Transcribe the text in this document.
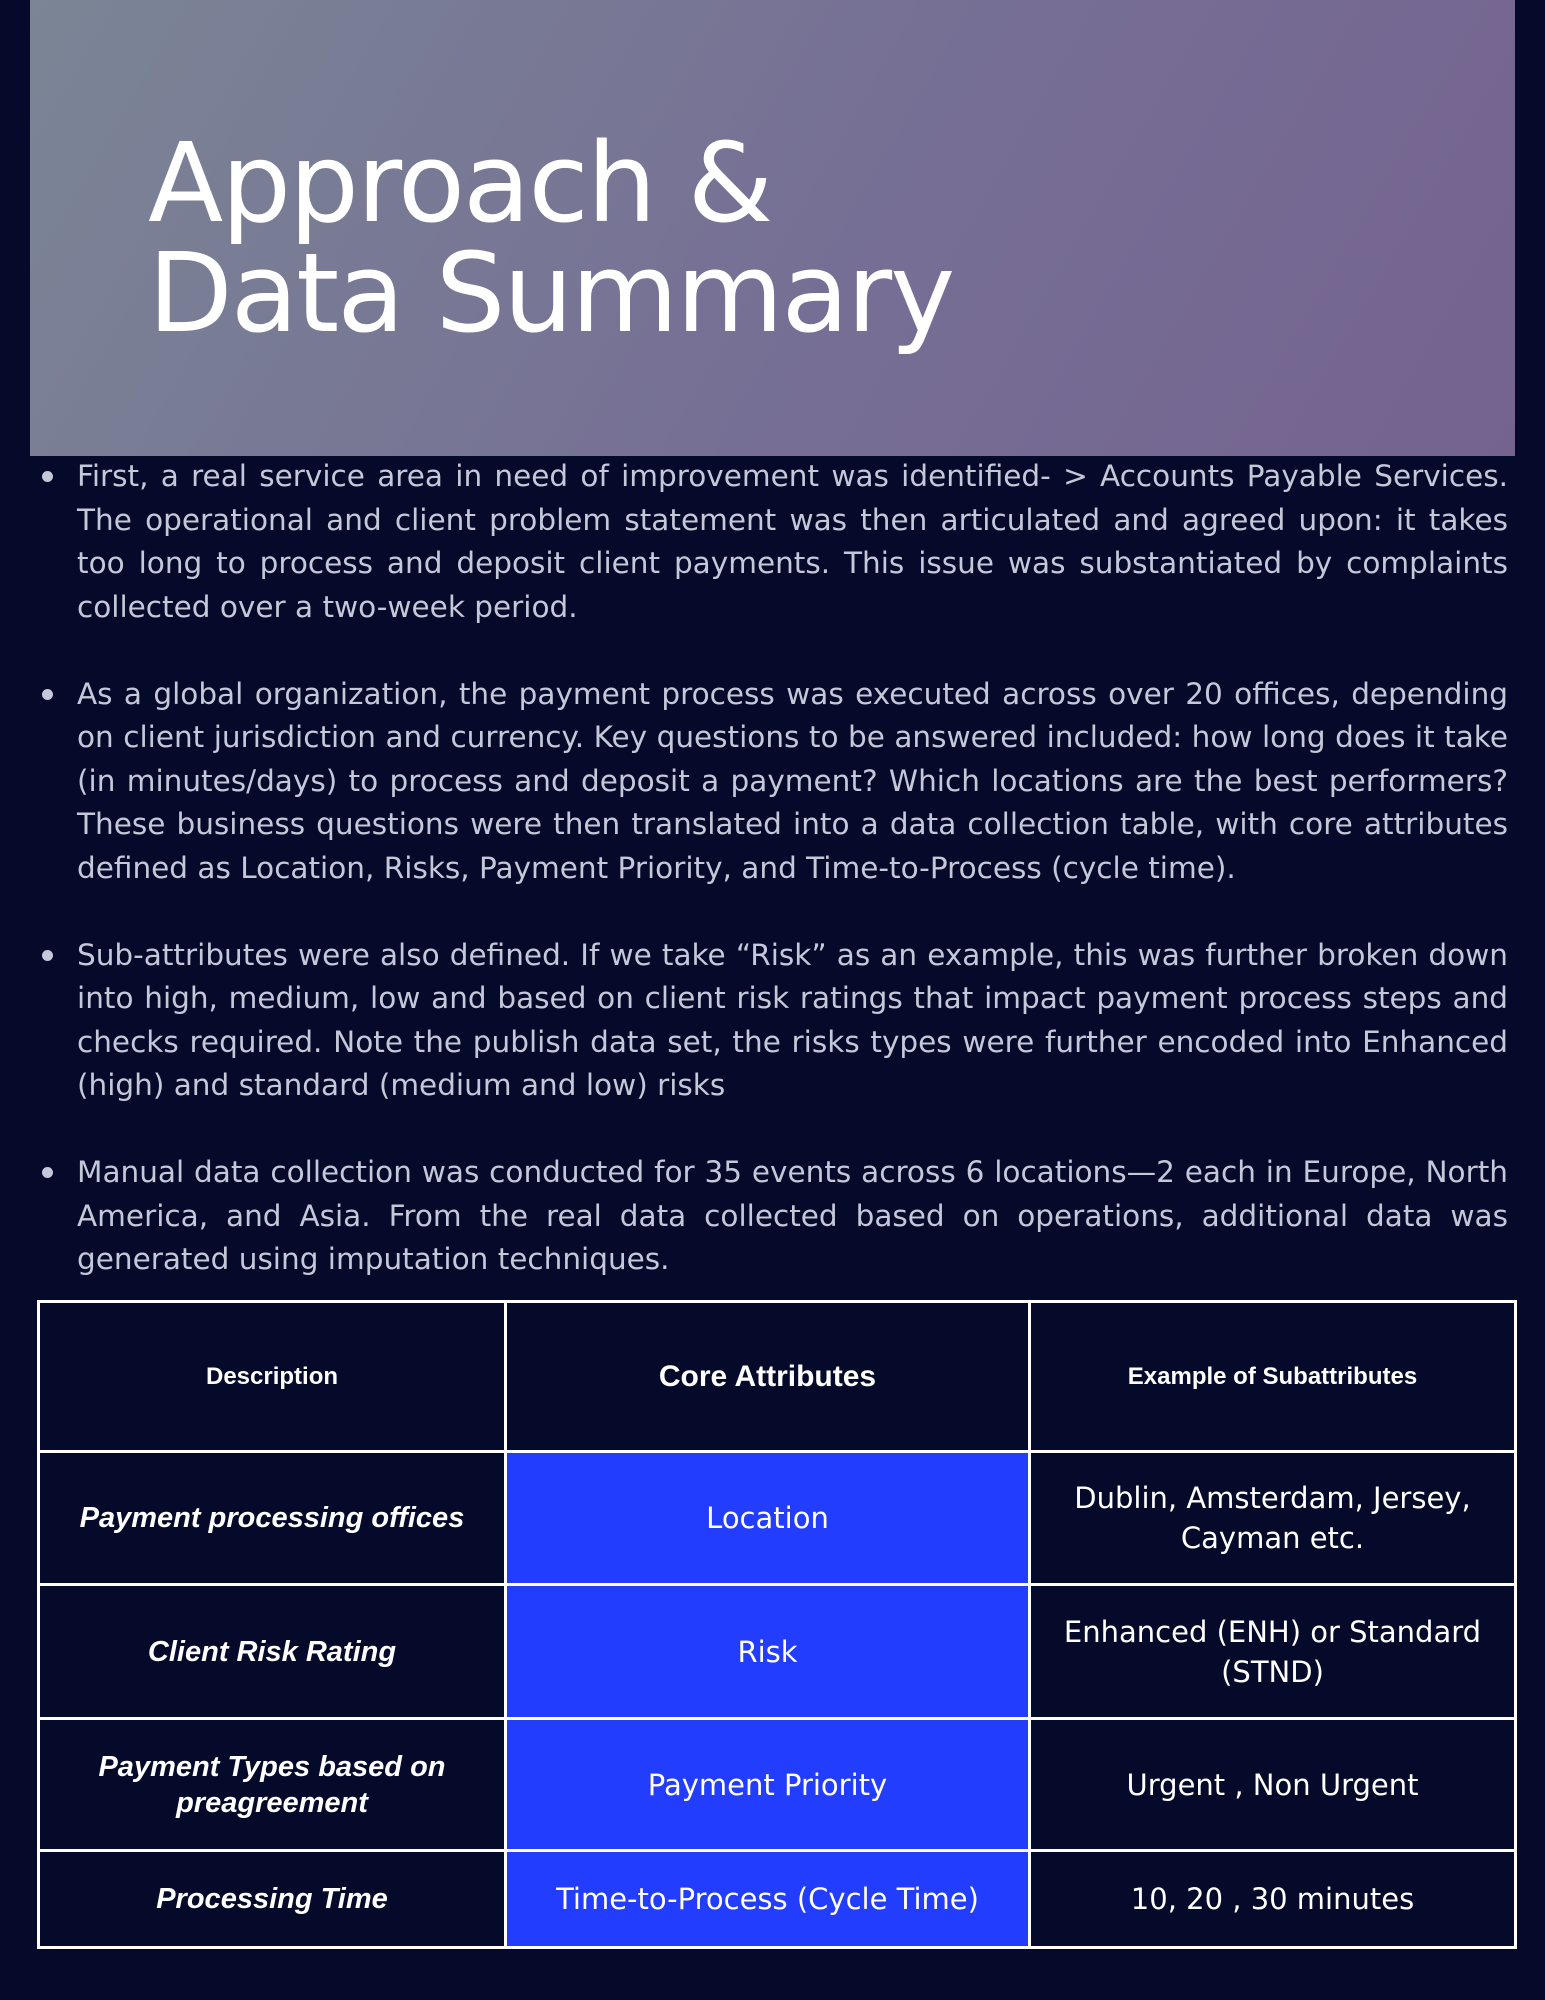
Approach & Data Summary
First, a real service area in need of improvement was identified- > Accounts Payable Services. The operational and client problem statement was then articulated and agreed upon: it takes too long to process and deposit client payments. This issue was substantiated by complaints collected over a two-week period.
As a global organization, the payment process was executed across over 20 offices, depending on client jurisdiction and currency. Key questions to be answered included: how long does it take (in minutes/days) to process and deposit a payment? Which locations are the best performers? These business questions were then translated into a data collection table, with core attributes defined as Location, Risks, Payment Priority, and Time-to-Process (cycle time).
Sub-attributes were also defined. If we take “Risk” as an example, this was further broken down into high, medium, low and based on client risk ratings that impact payment process steps and checks required. Note the publish data set, the risks types were further encoded into Enhanced (high) and standard (medium and low) risks
Manual data collection was conducted for 35 events across 6 locations—2 each in Europe, North America, and Asia. From the real data collected based on operations, additional data was generated using imputation techniques.
Description	Core Attributes	Example of Subattributes
Payment processing offices	Location	Dublin, Amsterdam, Jersey, Cayman etc.
Client Risk Rating	Risk	Enhanced (ENH) or Standard (STND)
Payment Types based on preagreement	Payment Priority	Urgent , Non Urgent
Processing Time	Time-to-Process (Cycle Time)	10, 20 , 30 minutes
